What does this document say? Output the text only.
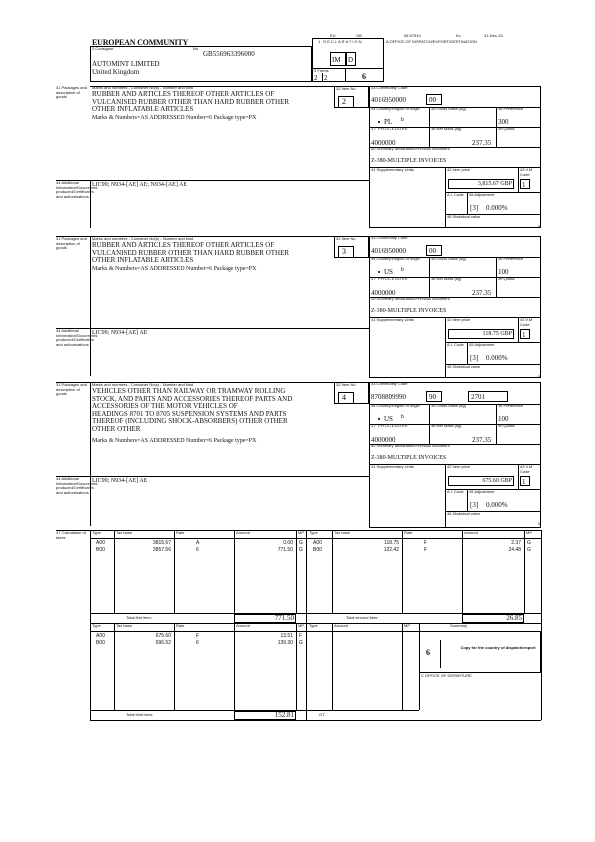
EU	GB	08 57510	Kv	31-Dec-25
EUROPEAN COMMUNITY
2 Consignor	No
GB556963396000
AUTOMINT LIMITED
United Kingdom
1 DECLARATION	A OFFICE OF DISPATCH/EXPORT/DESTINATION
IM D
3 Forms
2 2	6
31 Packages and description of goods
Marks and numbers - Container No(s) - Number and kind
RUBBER AND ARTICLES THEREOF OTHER ARTICLES OF
VULCANISED RUBBER OTHER THAN HARD RUBBER OTHER
OTHER INFLATABLE ARTICLES
Marks & Numbers=AS ADDRESSED Number=6 Package type=PX
32 Item No
2
33 Commodity Code
4016950000	00
34 Country/Region of origin	35 Gross Mass (kg)	36 Preference
PL b	300
37 PROCEDURE	38 Net Mass (kg)	39 Quota
4000000	237.35
40 Summary declaration/Previous document
Z-380-MULTIPLE INVOICES
41 Supplementary Units	42 Item price	43 V.M Code
3,815.67 GBP 1
A.I. Code 45 Adjustment
[3] 0.000%
46 Statistical value
0
44 Additional Information/Documents produced/Certificates and authorisations
LIC99; N934-[AE] AE; N934-[AE] AE
31 Packages and description of goods
Marks and numbers - Container No(s) - Number and kind
RUBBER AND ARTICLES THEREOF OTHER ARTICLES OF
VULCANISED RUBBER OTHER THAN HARD RUBBER OTHER
OTHER INFLATABLE ARTICLES
Marks & Numbers=AS ADDRESSED Number=6 Package type=PX
32 Item No
3
33 Commodity Code
4016950000	00
34 Country/Region of origin	35 Gross Mass (kg)	36 Preference
US b	100
37 PROCEDURE	38 Net Mass (kg)	39 Quota
4000000	237.35
40 Summary declaration/Previous document
Z-380-MULTIPLE INVOICES
41 Supplementary Units	42 Item price	43 V.M Code
118.75 GBP 1
A.I. Code 45 Adjustment
[3] 0.000%
46 Statistical value
0
44 Additional Information/Documents produced/Certificates and authorisations
LIC99; N934-[AE] AE
31 Packages and description of goods
Marks and numbers - Container No(s) - Number and kind
VEHICLES OTHER THAN RAILWAY OR TRAMWAY ROLLING
STOCK, AND PARTS AND ACCESSORIES THEREOF PARTS AND
ACCESSORIES OF THE MOTOR VEHICLES OF
HEADINGS 8701 TO 8705 SUSPENSION SYSTEMS AND PARTS
THEREOF (INCLUDING SHOCK-ABSORBERS) OTHER OTHER
OTHER OTHER
Marks & Numbers=AS ADDRESSED Number=6 Package type=PX
32 Item No
4
33 Commodity Code
8708809990	90	2701
34 Country/Region of origin	35 Gross Mass (kg)	36 Preference
US b	100
37 PROCEDURE	38 Net Mass (kg)	39 Quota
4000000	237.35
40 Summary declaration/Previous document
Z-380-MULTIPLE INVOICES
41 Supplementary Units	42 Item price	43 V.M Code
675.60 GBP 1
A.I. Code 45 Adjustment
[3] 0.000%
46 Statistical value
0
44 Additional Information/Documents produced/Certificates and authorisations
LIC99; N934-[AE] AE
47 Calculation of taxes
Type	Tax base	Rate	Amount	MP
A00	3815.67	A	0.00 G
B00	3857.56	6	771.50 G
Type	Tax base	Rate	Amount	MP
A00	118.75	F	2.37 G
B00	122.42	F	24.48 G
Total first item:	771.50	Total second item:	26.85
Type	Tax base	Rate	Amount	MP Type	Amount	MP	Summary
A00	675.60	F	13.51 F
B00	696.52	6	139.30 G
6
Copy for the country of dispatch/export
C OFFICE OF DEPARTURE
Total third item:	152.81	GT
